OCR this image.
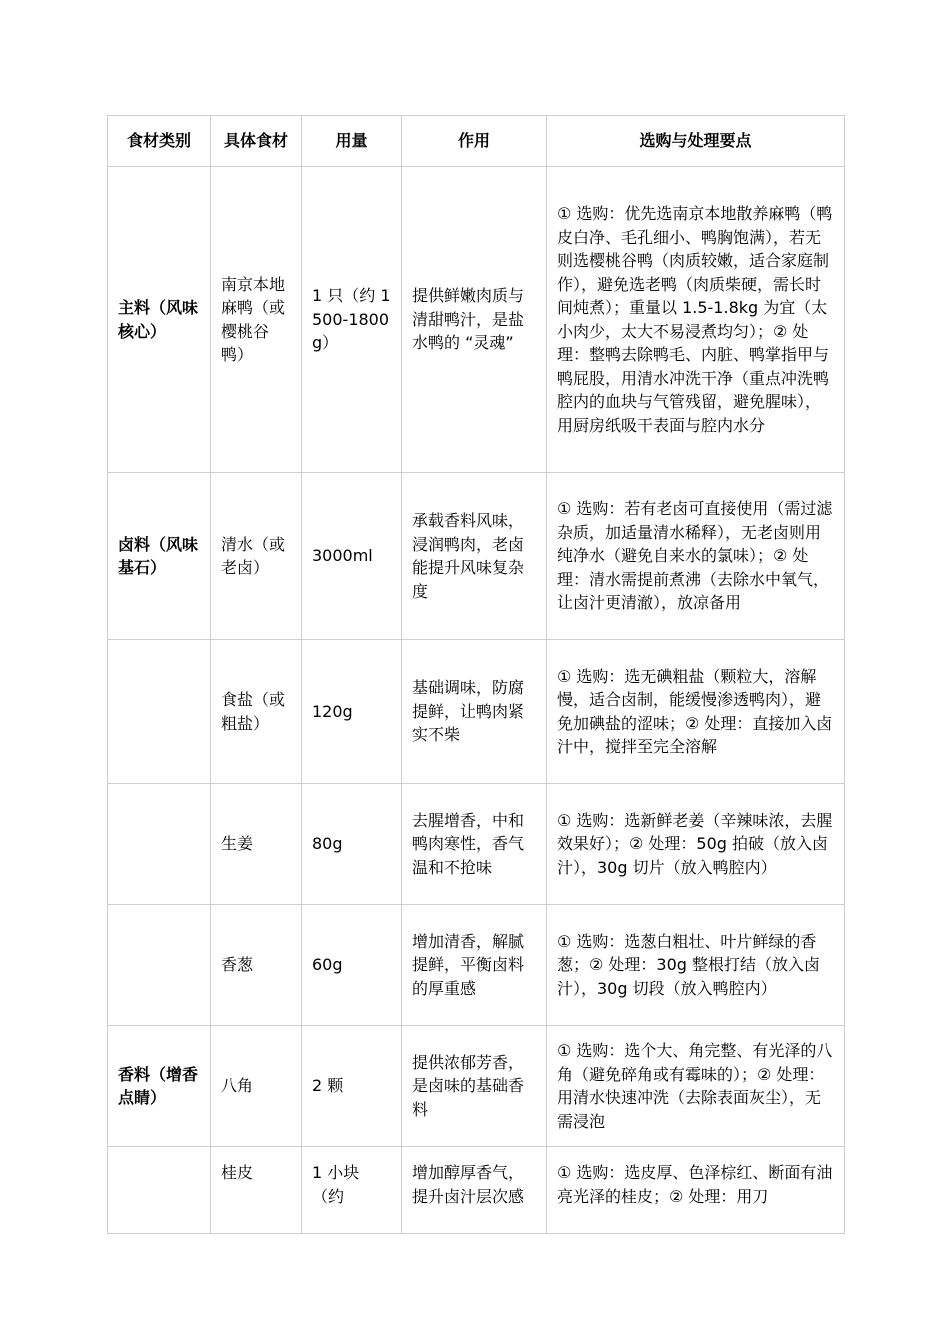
食材类别	具体食材	用量	作用	选购与处理要点
主料（风味核心）	南京本地麻鸭（或樱桃谷鸭）	1 只（约 1500-1800g）	提供鲜嫩肉质与清甜鸭汁，是盐水鸭的 “灵魂”	① 选购：优先选南京本地散养麻鸭（鸭皮白净、毛孔细小、鸭胸饱满），若无则选樱桃谷鸭（肉质较嫩，适合家庭制作），避免选老鸭（肉质柴硬，需长时间炖煮）；重量以 1.5-1.8kg 为宜（太小肉少，太大不易浸煮均匀）；② 处理：整鸭去除鸭毛、内脏、鸭掌指甲与鸭屁股，用清水冲洗干净（重点冲洗鸭腔内的血块与气管残留，避免腥味），用厨房纸吸干表面与腔内水分
卤料（风味基石）	清水（或老卤）	3000ml	承载香料风味，浸润鸭肉，老卤能提升风味复杂度	① 选购：若有老卤可直接使用（需过滤杂质，加适量清水稀释），无老卤则用纯净水（避免自来水的氯味）；② 处理：清水需提前煮沸（去除水中氧气，让卤汁更清澈），放凉备用
	食盐（或粗盐）	120g	基础调味，防腐提鲜，让鸭肉紧实不柴	① 选购：选无碘粗盐（颗粒大，溶解慢，适合卤制，能缓慢渗透鸭肉），避免加碘盐的涩味；② 处理：直接加入卤汁中，搅拌至完全溶解
	生姜	80g	去腥增香，中和鸭肉寒性，香气温和不抢味	① 选购：选新鲜老姜（辛辣味浓，去腥效果好）；② 处理：50g 拍破（放入卤汁），30g 切片（放入鸭腔内）
	香葱	60g	增加清香，解腻提鲜，平衡卤料的厚重感	① 选购：选葱白粗壮、叶片鲜绿的香葱；② 处理：30g 整根打结（放入卤汁），30g 切段（放入鸭腔内）
香料（增香点睛）	八角	2 颗	提供浓郁芳香，是卤味的基础香料	① 选购：选个大、角完整、有光泽的八角（避免碎角或有霉味的）；② 处理：用清水快速冲洗（去除表面灰尘），无需浸泡
	桂皮	1 小块（约	增加醇厚香气，提升卤汁层次感	① 选购：选皮厚、色泽棕红、断面有油亮光泽的桂皮；② 处理：用刀
